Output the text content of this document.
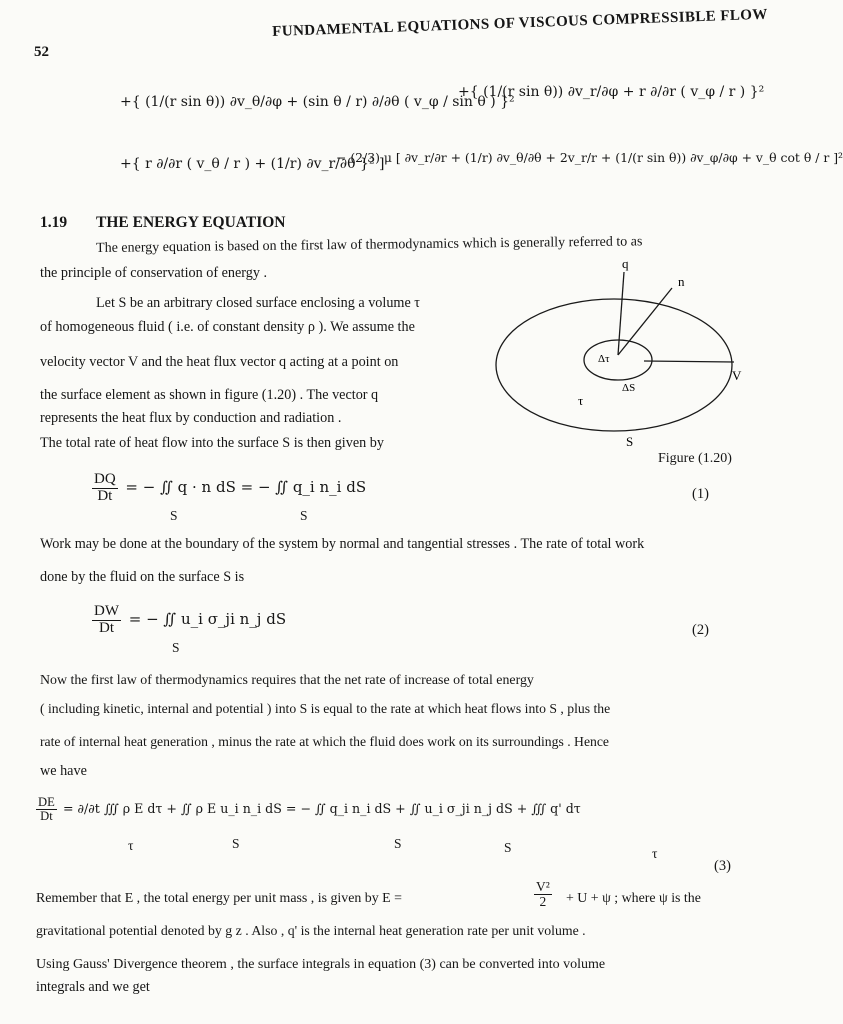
52
FUNDAMENTAL EQUATIONS OF VISCOUS COMPRESSIBLE FLOW
+{ (1/(r sin θ)) ∂v_θ/∂φ + (sin θ / r) ∂/∂θ ( v_φ / sin θ ) }²
+{ (1/(r sin θ)) ∂v_r/∂φ + r ∂/∂r ( v_φ / r ) }²
+{ r ∂/∂r ( v_θ / r ) + (1/r) ∂v_r/∂θ }² ]
− (2/3) μ [ ∂v_r/∂r + (1/r) ∂v_θ/∂θ + 2v_r/r + (1/(r sin θ)) ∂v_φ/∂φ + v_θ cot θ / r ]²
1.19 THE ENERGY EQUATION
The energy equation is based on the first law of thermodynamics which is generally referred to as
the principle of conservation of energy .
Let S be an arbitrary closed surface enclosing a volume τ
of homogeneous fluid ( i.e. of constant density ρ ). We assume the
velocity vector V and the heat flux vector q acting at a point on
the surface element as shown in figure (1.20) . The vector q
represents the heat flux by conduction and radiation .
The total rate of heat flow into the surface S is then given by
q
n
Δτ
ΔS
V
τ
S
Figure (1.20)
$\frac{DQ}{Dt}$ = − ∬ q · n dS = − ∬ q_i n_i dS
S	S
(1)
Work may be done at the boundary of the system by normal and tangential stresses . The rate of total work
done by the fluid on the surface S is
$\frac{DW}{Dt}$ = − ∬ u_i σ_ji n_j dS
S
(2)
Now the first law of thermodynamics requires that the net rate of increase of total energy
( including kinetic, internal and potential ) into S is equal to the rate at which heat flows into S , plus the
rate of internal heat generation , minus the rate at which the fluid does work on its surroundings . Hence
we have
$\frac{DE}{Dt} = \partial/\partial t$ ∭ ρ E dτ + ∬ ρ E u_i n_i dS = − ∬ q_i n_i dS + ∬ u_i σ_ji n_j dS + ∭ q' dτ
τ	S	S	S	τ
(3)
Remember that E , the total energy per unit mass , is given by E =	$\frac{\text{V²}}{2} + U + \psi$ ; where ψ is the
gravitational potential denoted by g z . Also , q' is the internal heat generation rate per unit volume .
Using Gauss' Divergence theorem , the surface integrals in equation (3) can be converted into volume
integrals and we get
